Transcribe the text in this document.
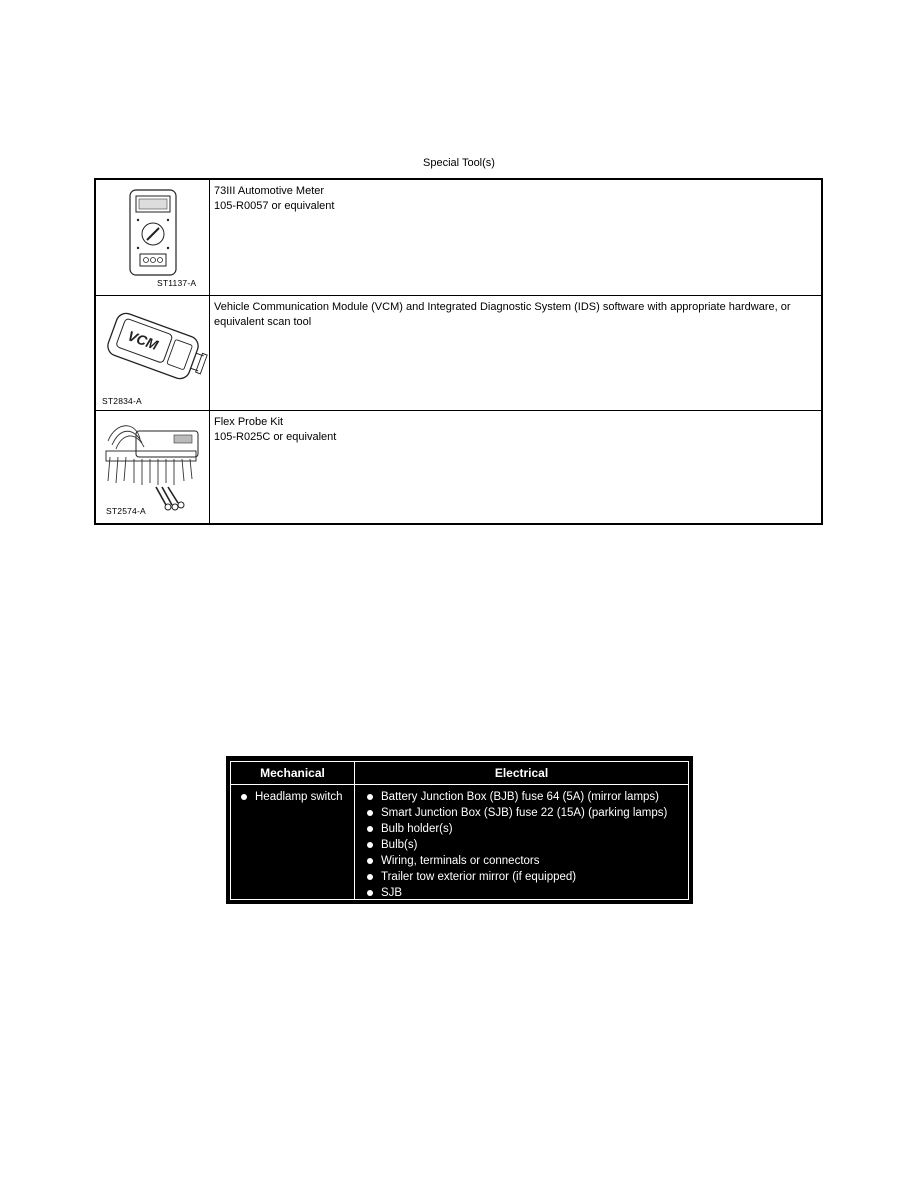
Special Tool(s)
ST1137-A
73III Automotive Meter
105-R0057 or equivalent
VCM
ST2834-A
Vehicle Communication Module (VCM) and Integrated Diagnostic System (IDS) software with appropriate hardware, or equivalent scan tool
ST2574-A
Flex Probe Kit
105-R025C or equivalent
Mechanical	Electrical
Headlamp switch	Battery Junction Box (BJB) fuse 64 (5A) (mirror lamps)
Smart Junction Box (SJB) fuse 22 (15A) (parking lamps)
Bulb holder(s)
Bulb(s)
Wiring, terminals or connectors
Trailer tow exterior mirror (if equipped)
SJB
